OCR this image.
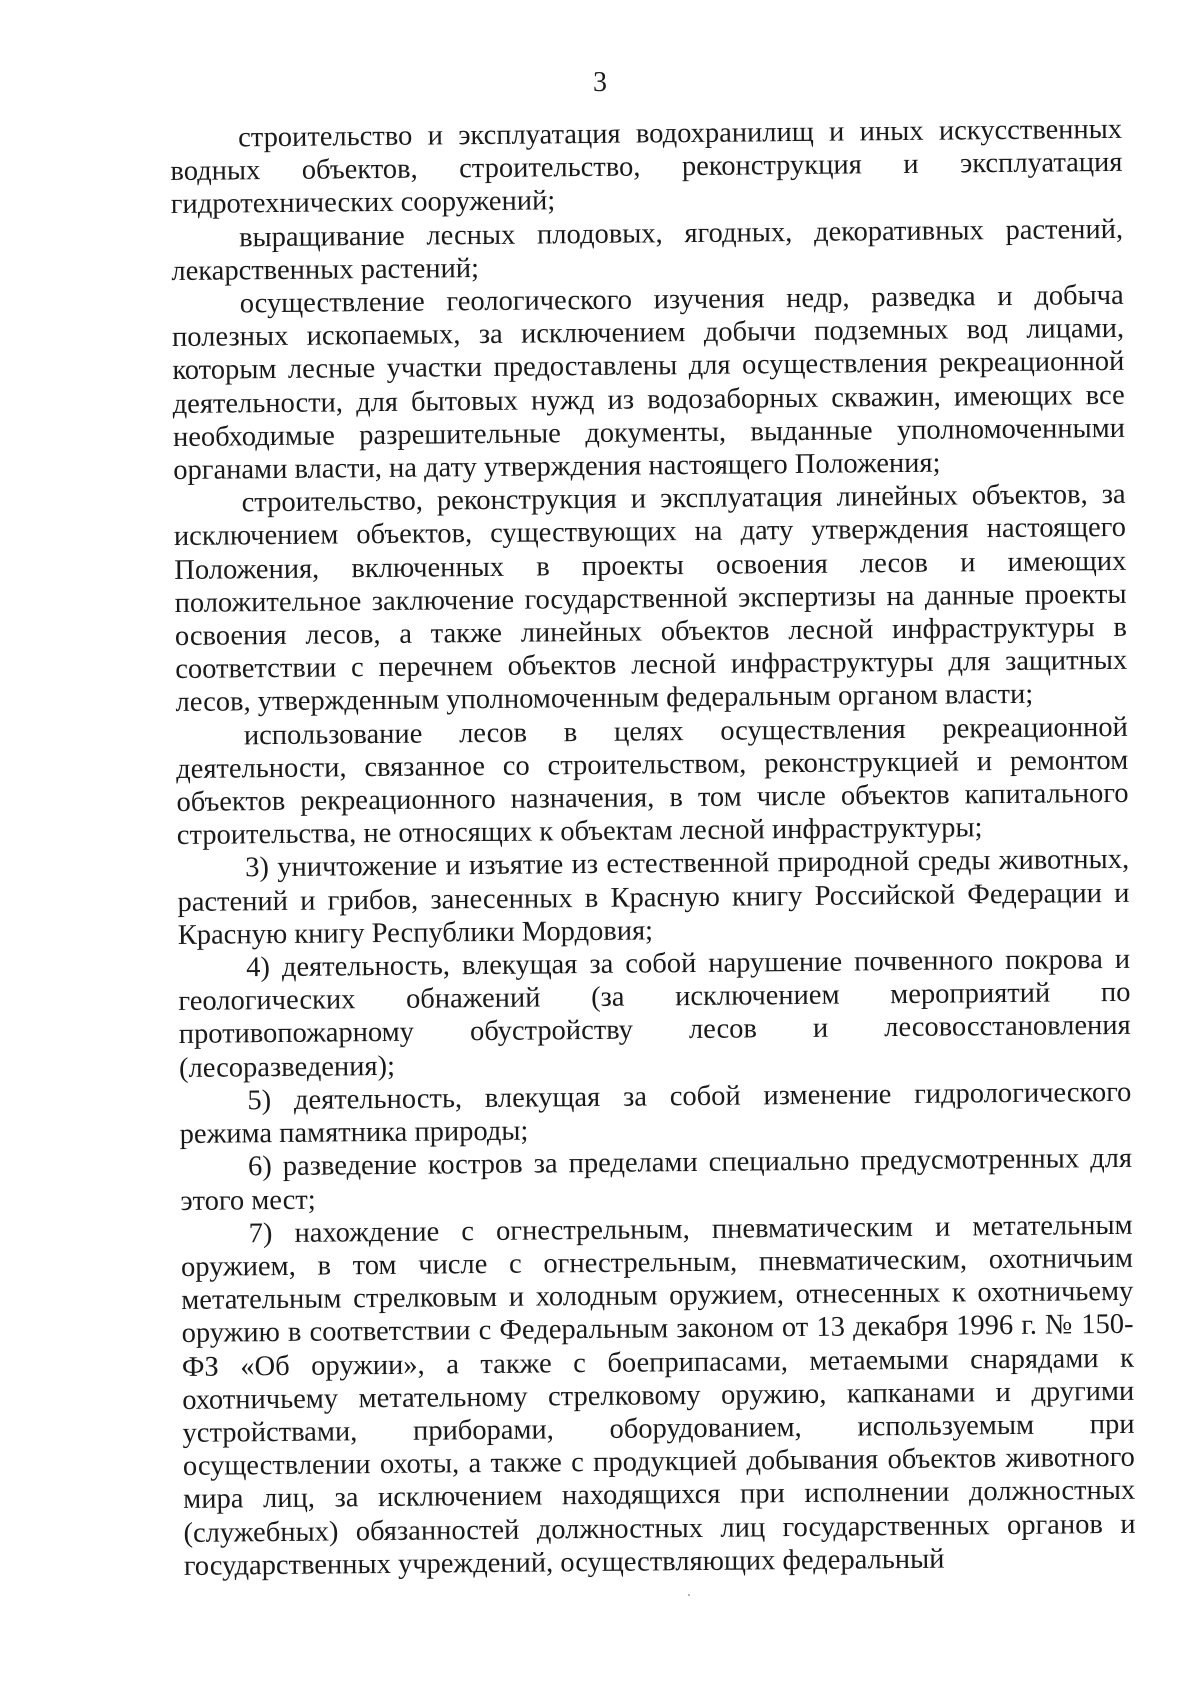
3

строительство и эксплуатация водохранилищ и иных искусственных водных объектов, строительство, реконструкция и эксплуатация гидротехнических сооружений;

выращивание лесных плодовых, ягодных, декоративных растений, лекарственных растений;

осуществление геологического изучения недр, разведка и добыча полезных ископаемых, за исключением добычи подземных вод лицами, которым лесные участки предоставлены для осуществления рекреационной деятельности, для бытовых нужд из водозаборных скважин, имеющих все необходимые разрешительные документы, выданные уполномоченными органами власти, на дату утверждения настоящего Положения;

строительство, реконструкция и эксплуатация линейных объектов, за исключением объектов, существующих на дату утверждения настоящего Положения, включенных в проекты освоения лесов и имеющих положительное заключение государственной экспертизы на данные проекты освоения лесов, а также линейных объектов лесной инфраструктуры в соответствии с перечнем объектов лесной инфраструктуры для защитных лесов, утвержденным уполномоченным федеральным органом власти;

использование лесов в целях осуществления рекреационной деятельности, связанное со строительством, реконструкцией и ремонтом объектов рекреационного назначения, в том числе объектов капитального строительства, не относящих к объектам лесной инфраструктуры;

3) уничтожение и изъятие из естественной природной среды животных, растений и грибов, занесенных в Красную книгу Российской Федерации и Красную книгу Республики Мордовия;

4) деятельность, влекущая за собой нарушение почвенного покрова и геологических обнажений (за исключением мероприятий по противопожарному обустройству лесов и лесовосстановления (лесоразведения);

5) деятельность, влекущая за собой изменение гидрологического режима памятника природы;

6) разведение костров за пределами специально предусмотренных для этого мест;

7) нахождение с огнестрельным, пневматическим и метательным оружием, в том числе с огнестрельным, пневматическим, охотничьим метательным стрелковым и холодным оружием, отнесенных к охотничьему оружию в соответствии с Федеральным законом от 13 декабря 1996 г. № 150-ФЗ «Об оружии», а также с боеприпасами, метаемыми снарядами к охотничьему метательному стрелковому оружию, капканами и другими устройствами, приборами, оборудованием, используемым при осуществлении охоты, а также с продукцией добывания объектов животного мира лиц, за исключением находящихся при исполнении должностных (служебных) обязанностей должностных лиц государственных органов и государственных учреждений, осуществляющих федеральный
